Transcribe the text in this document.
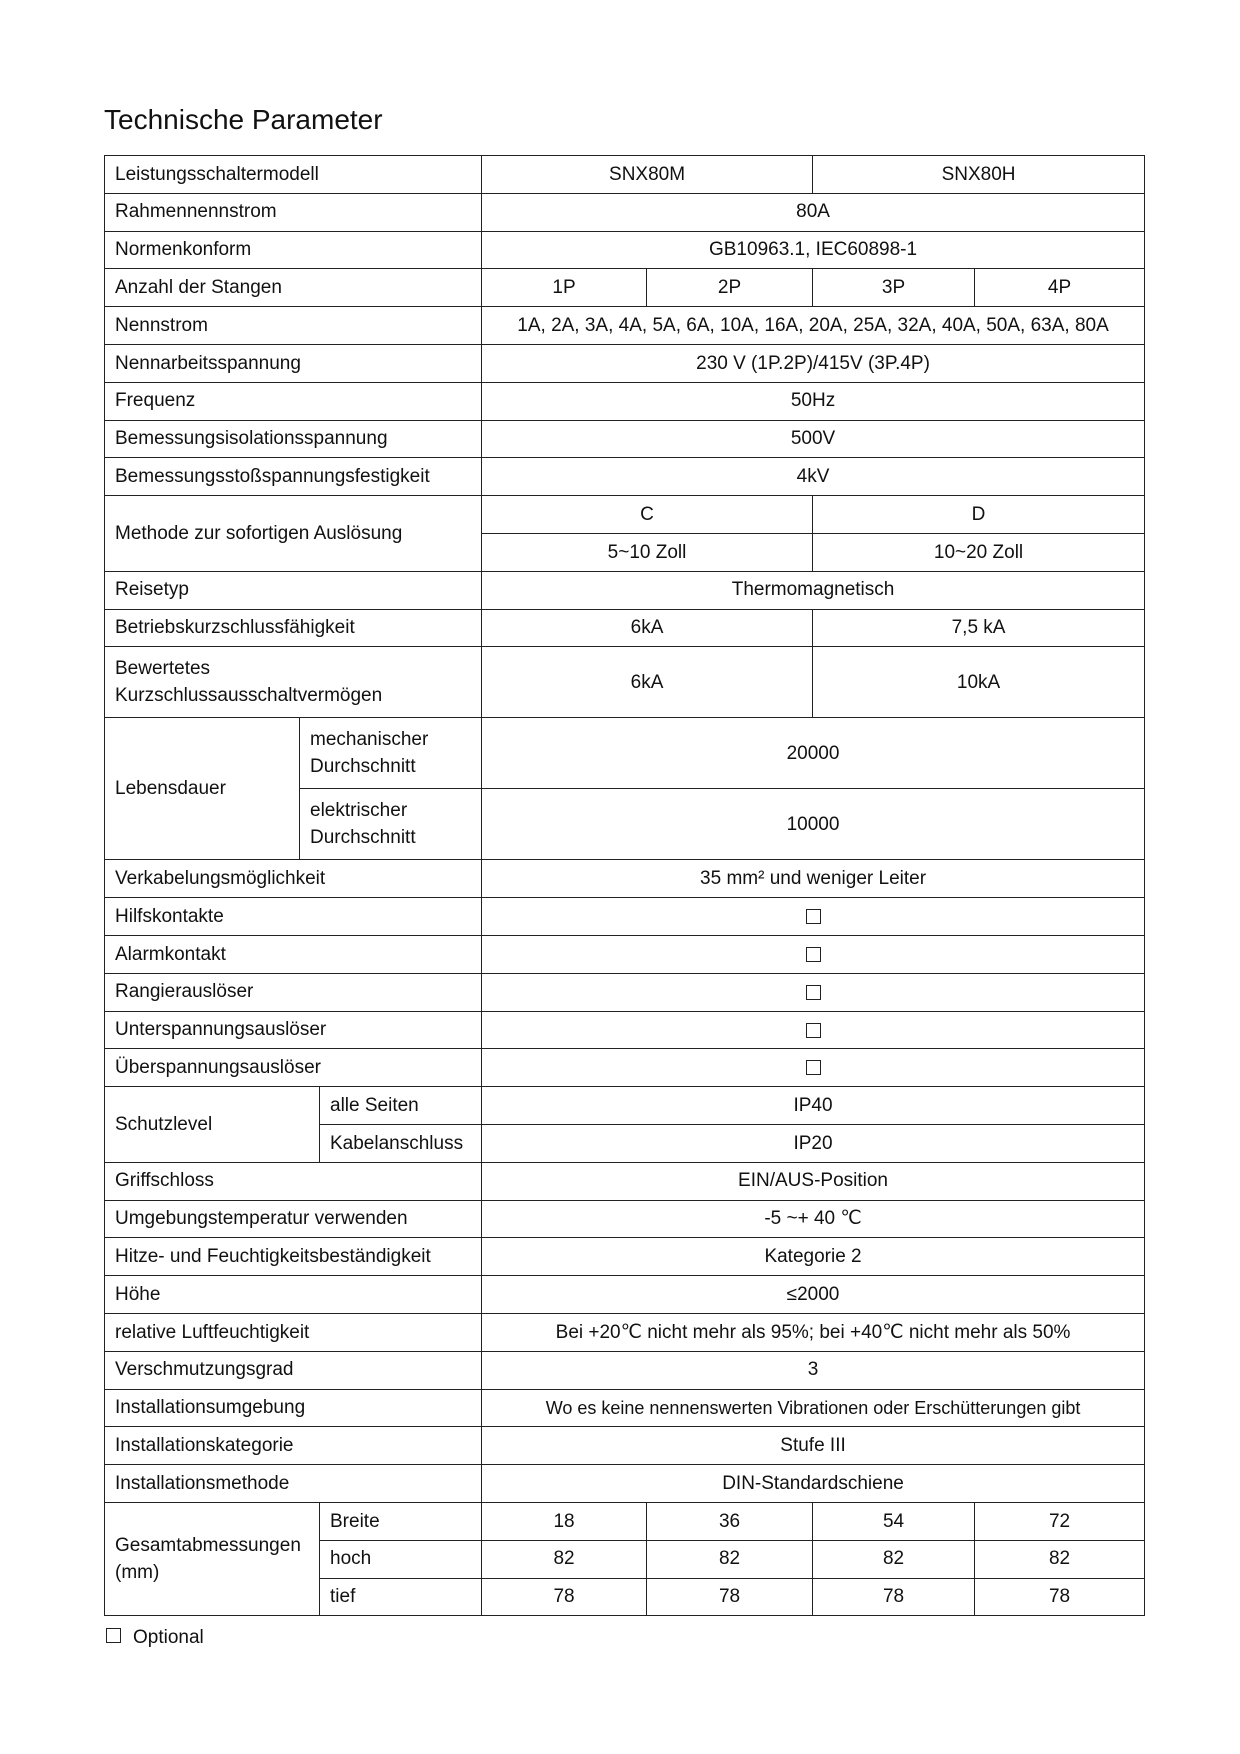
Technische Parameter
Leistungsschaltermodell			SNX80M		SNX80H	
Rahmennennstrom			80A			
Normenkonform			GB10963.1, IEC60898-1			
Anzahl der Stangen			1P	2P	3P	4P
Nennstrom			1A, 2A, 3A, 4A, 5A, 6A, 10A, 16A, 20A, 25A, 32A, 40A, 50A, 63A, 80A			
Nennarbeitsspannung			230 V (1P.2P)/415V (3P.4P)			
Frequenz			50Hz			
Bemessungsisolationsspannung			500V			
Bemessungsstoßspannungsfestigkeit			4kV			
Methode zur sofortigen Auslösung			C		D	
			5~10 Zoll		10~20 Zoll	
Reisetyp			Thermomagnetisch			
Betriebskurzschlussfähigkeit			6kA		7,5 kA	
Bewertetes Kurzschlussausschaltvermögen			6kA		10kA	
Lebensdauer	mechanischer Durchschnitt		20000			
	elektrischer Durchschnitt		10000			
Verkabelungsmöglichkeit			35 mm² und weniger Leiter			
Hilfskontakte						
Alarmkontakt						
Rangierauslöser						
Unterspannungsauslöser						
Überspannungsauslöser						
Schutzlevel		alle Seiten	IP40			
		Kabelanschluss	IP20			
Griffschloss			EIN/AUS-Position			
Umgebungstemperatur verwenden			-5 ~+ 40 ℃			
Hitze- und Feuchtigkeitsbeständigkeit			Kategorie 2			
Höhe			≤2000			
relative Luftfeuchtigkeit			Bei +20℃ nicht mehr als 95%; bei +40℃ nicht mehr als 50%			
Verschmutzungsgrad			3			
Installationsumgebung			Wo es keine nennenswerten Vibrationen oder Erschütterungen gibt			
Installationskategorie			Stufe III			
Installationsmethode			DIN-Standardschiene			
Gesamtabmessungen (mm)		Breite	18	36	54	72
		hoch	82	82	82	82
		tief	78	78	78	78
Optional
